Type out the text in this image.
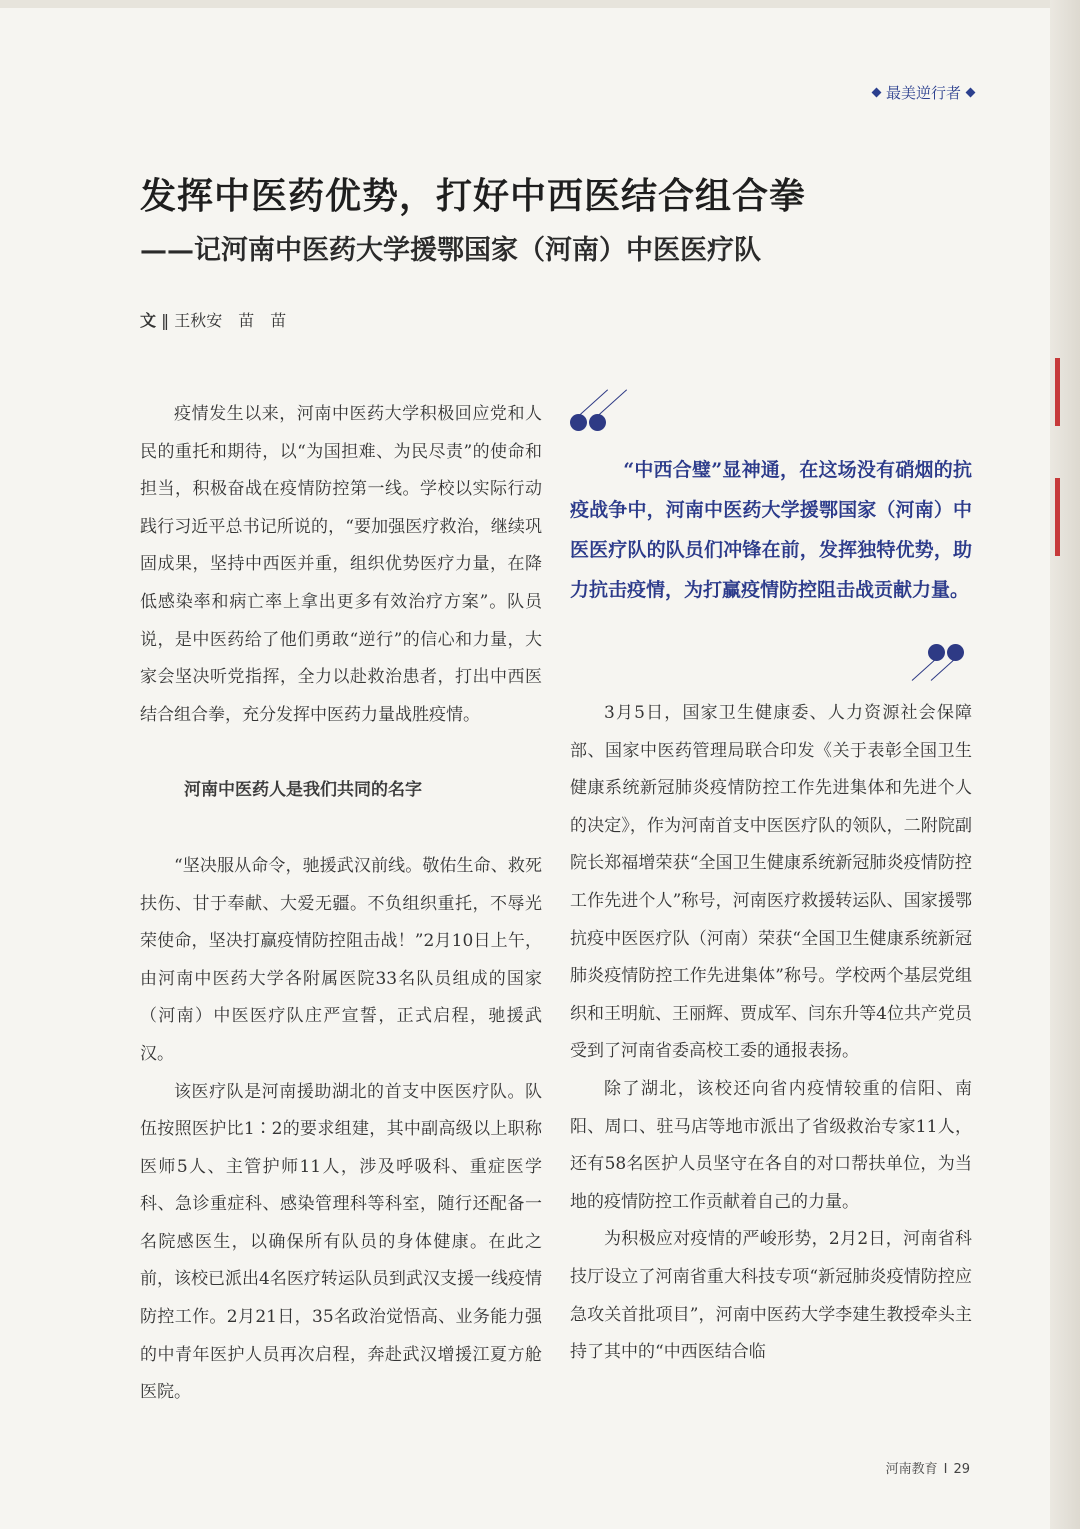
最美逆行者
发挥中医药优势，打好中西医结合组合拳
——记河南中医药大学援鄂国家（河南）中医医疗队
文 ‖ 王秋安　苗　苗

疫情发生以来，河南中医药大学积极回应党和人民的重托和期待，以“为国担难、为民尽责”的使命和担当，积极奋战在疫情防控第一线。学校以实际行动践行习近平总书记所说的，“要加强医疗救治，继续巩固成果，坚持中西医并重，组织优势医疗力量，在降低感染率和病亡率上拿出更多有效治疗方案”。队员说，是中医药给了他们勇敢“逆行”的信心和力量，大家会坚决听党指挥，全力以赴救治患者，打出中西医结合组合拳，充分发挥中医药力量战胜疫情。

河南中医药人是我们共同的名字

“坚决服从命令，驰援武汉前线。敬佑生命、救死扶伤、甘于奉献、大爱无疆。不负组织重托，不辱光荣使命，坚决打赢疫情防控阻击战！”2月10日上午，由河南中医药大学各附属医院33名队员组成的国家（河南）中医医疗队庄严宣誓，正式启程，驰援武汉。

该医疗队是河南援助湖北的首支中医医疗队。队伍按照医护比1∶2的要求组建，其中副高级以上职称医师5人、主管护师11人，涉及呼吸科、重症医学科、急诊重症科、感染管理科等科室，随行还配备一名院感医生，以确保所有队员的身体健康。在此之前，该校已派出4名医疗转运队员到武汉支援一线疫情防控工作。2月21日，35名政治觉悟高、业务能力强的中青年医护人员再次启程，奔赴武汉增援江夏方舱医院。

“中西合璧”显神通，在这场没有硝烟的抗疫战争中，河南中医药大学援鄂国家（河南）中医医疗队的队员们冲锋在前，发挥独特优势，助力抗击疫情，为打赢疫情防控阻击战贡献力量。

3月5日，国家卫生健康委、人力资源社会保障部、国家中医药管理局联合印发《关于表彰全国卫生健康系统新冠肺炎疫情防控工作先进集体和先进个人的决定》，作为河南首支中医医疗队的领队，二附院副院长郑福增荣获“全国卫生健康系统新冠肺炎疫情防控工作先进个人”称号，河南医疗救援转运队、国家援鄂抗疫中医医疗队（河南）荣获“全国卫生健康系统新冠肺炎疫情防控工作先进集体”称号。学校两个基层党组织和王明航、王丽辉、贾成军、闫东升等4位共产党员受到了河南省委高校工委的通报表扬。

除了湖北，该校还向省内疫情较重的信阳、南阳、周口、驻马店等地市派出了省级救治专家11人，还有58名医护人员坚守在各自的对口帮扶单位，为当地的疫情防控工作贡献着自己的力量。

为积极应对疫情的严峻形势，2月2日，河南省科技厅设立了河南省重大科技专项“新冠肺炎疫情防控应急攻关首批项目”，河南中医药大学李建生教授牵头主持了其中的“中西医结合临

河南教育 I 29
